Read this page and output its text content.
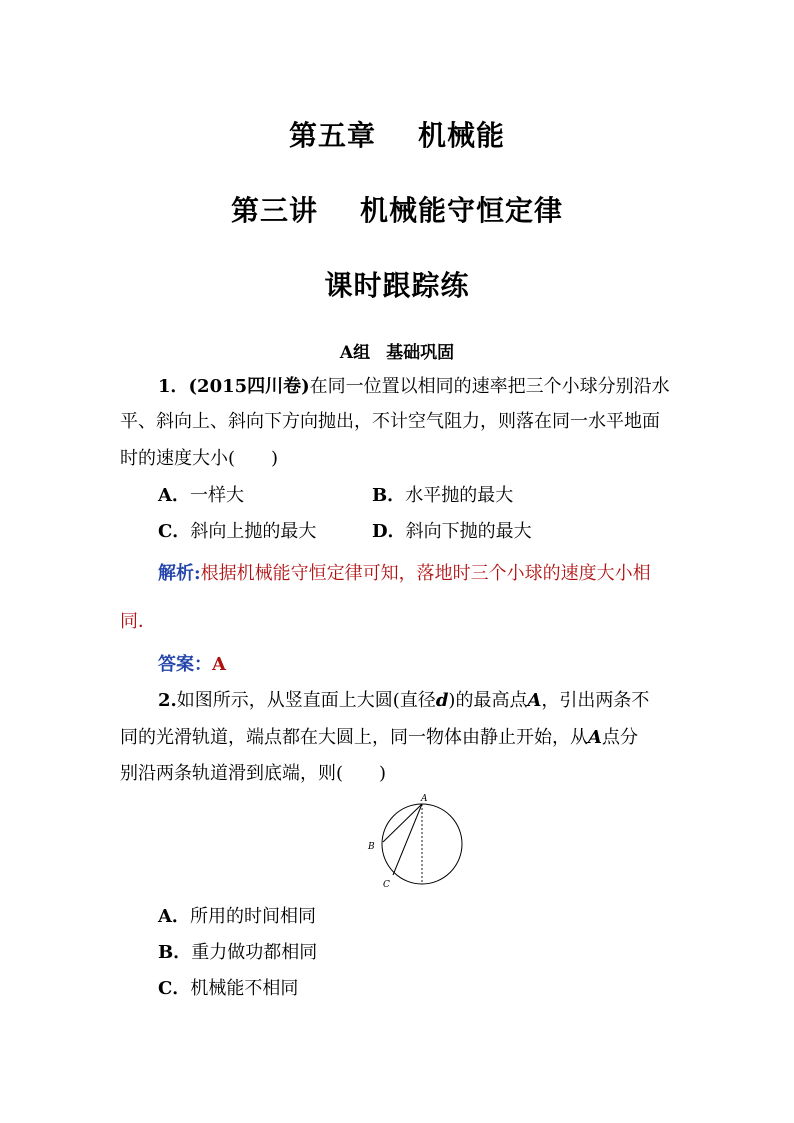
第五章 机械能
第三讲 机械能守恒定律
课时跟踪练
A组 基础巩固
1．(2015四川卷)在同一位置以相同的速率把三个小球分别沿水
平、斜向上、斜向下方向抛出，不计空气阻力，则落在同一水平地面
时的速度大小(　　)
A．一样大	B．水平抛的最大
C．斜向上抛的最大	D．斜向下抛的最大
解析:根据机械能守恒定律可知，落地时三个小球的速度大小相
同．
答案：A
2.如图所示，从竖直面上大圆(直径d)的最高点A，引出两条不
同的光滑轨道，端点都在大圆上，同一物体由静止开始，从A点分
别沿两条轨道滑到底端，则(　　)
A
B
C
A．所用的时间相同
B．重力做功都相同
C．机械能不相同
